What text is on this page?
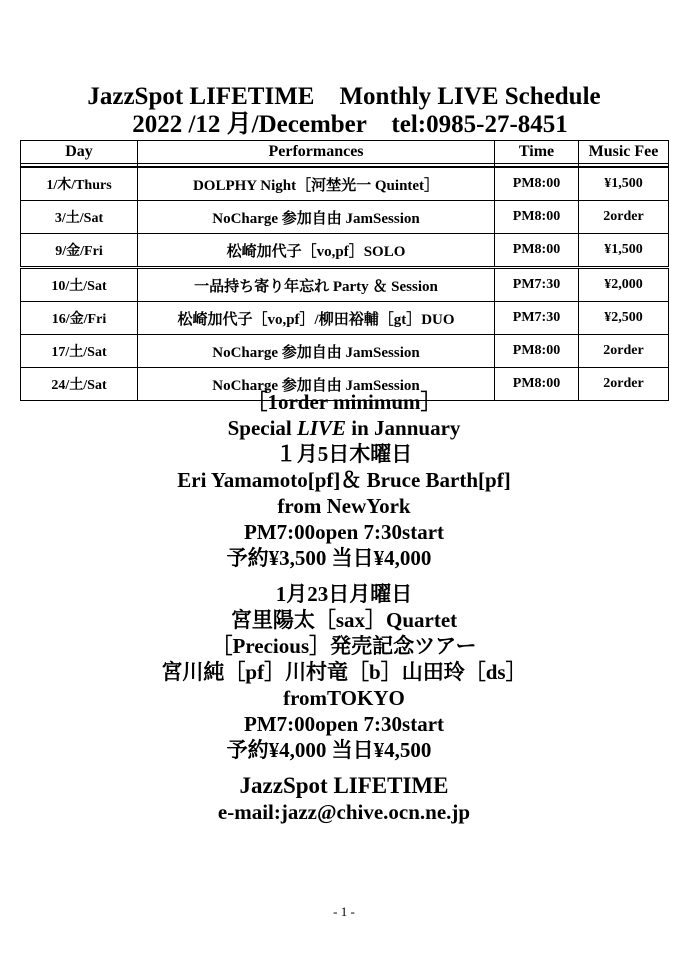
JazzSpot LIFETIME　Monthly LIVE Schedule
2022 /12 月/December　tel:0985-27-8451
Day	Performances	Time	Music Fee

1/木/Thurs	DOLPHY Night［河埜光一 Quintet］	PM8:00	¥1,500
3/土/Sat	NoCharge 参加自由 JamSession	PM8:00	2order
9/金/Fri	松崎加代子［vo,pf］SOLO	PM8:00	¥1,500
10/土/Sat	一品持ち寄り年忘れ Party ＆ Session	PM7:30	¥2,000
16/金/Fri	松崎加代子［vo,pf］/柳田裕輔［gt］DUO	PM7:30	¥2,500
17/土/Sat	NoCharge 参加自由 JamSession	PM8:00	2order
24/土/Sat	NoCharge 参加自由 JamSession	PM8:00	2order
［1order minimum］
Special LIVE in Jannuary
１月5日木曜日
Eri Yamamoto[pf]＆ Bruce Barth[pf]
from NewYork
PM7:00open 7:30start
予約¥3,500 当日¥4,000
1月23日月曜日
宮里陽太［sax］Quartet
［Precious］発売記念ツアー
宮川純［pf］川村竜［b］山田玲［ds］
fromTOKYO
PM7:00open 7:30start
予約¥4,000 当日¥4,500
JazzSpot LIFETIME
e-mail:jazz@chive.ocn.ne.jp
- 1 -
